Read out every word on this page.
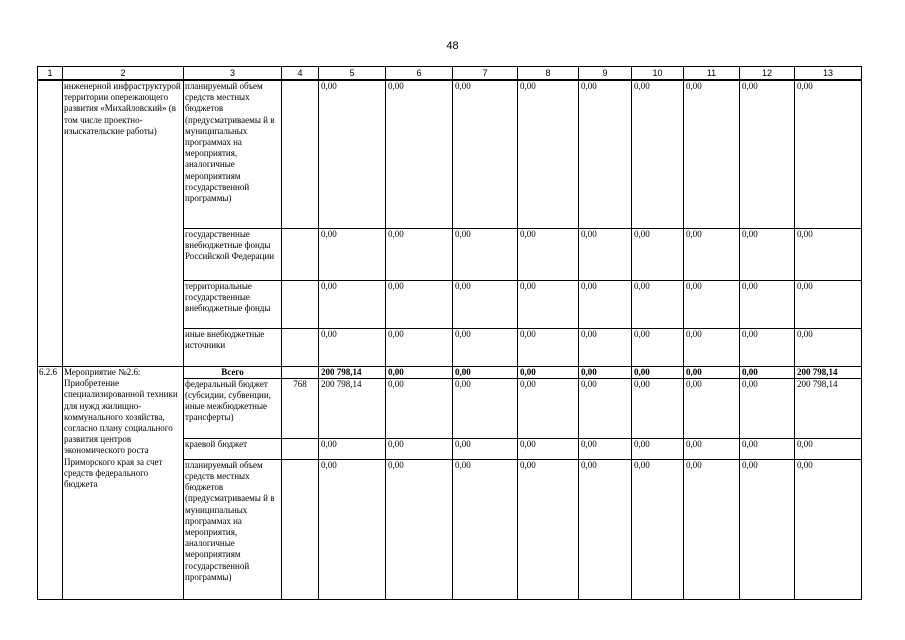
48
1	2	3	4	5	6	7	8	9	10	11	12	13
	инженерной инфраструктурой территории опережающего развития «Михайловский» (в том числе проектно-изыскательские работы)	планируемый объем средств местных бюджетов (предусматриваемы й в муниципальных программах на мероприятия, аналогичные мероприятиям государственной программы)		0,00	0,00	0,00	0,00	0,00	0,00	0,00	0,00	0,00
		государственные внебюджетные фонды Российской Федерации		0,00	0,00	0,00	0,00	0,00	0,00	0,00	0,00	0,00
		территориальные государственные внебюджетные фонды		0,00	0,00	0,00	0,00	0,00	0,00	0,00	0,00	0,00
		иные внебюджетные источники		0,00	0,00	0,00	0,00	0,00	0,00	0,00	0,00	0,00
6.2.6	Мероприятие №2.6:	Всего		200 798,14	0,00	0,00	0,00	0,00	0,00	0,00	0,00	200 798,14
	Приобретение специализированной техники для нужд жилищно-коммунального хозяйства, согласно плану социального развития центров экономического роста Приморского края за счет средств федерального бюджета	федеральный бюджет (субсидии, субвенции, иные межбюджетные трансферты)	768	200 798,14	0,00	0,00	0,00	0,00	0,00	0,00	0,00	200 798,14
		краевой бюджет		0,00	0,00	0,00	0,00	0,00	0,00	0,00	0,00	0,00
		планируемый объем средств местных бюджетов (предусматриваемы й в муниципальных программах на мероприятия, аналогичные мероприятиям государственной программы)		0,00	0,00	0,00	0,00	0,00	0,00	0,00	0,00	0,00
